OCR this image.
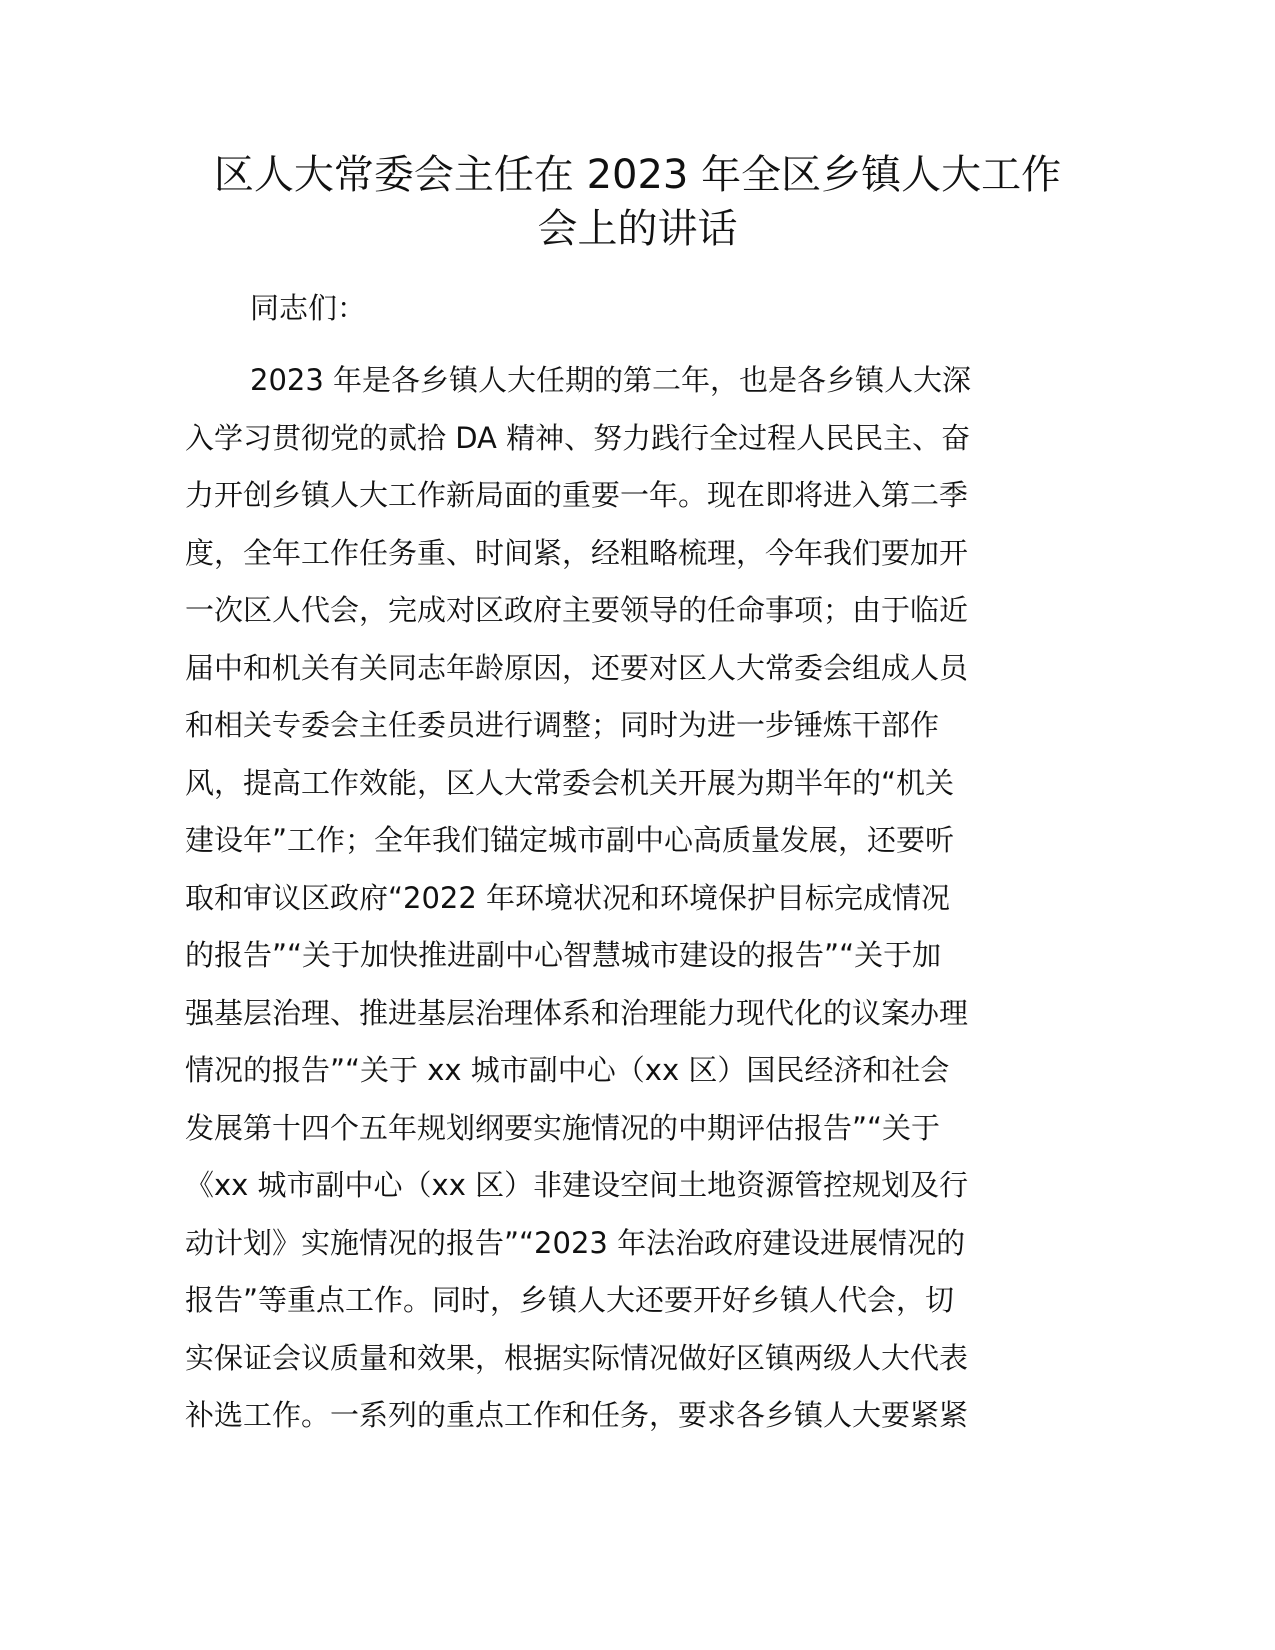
区人大常委会主任在 2023 年全区乡镇人大工作
会上的讲话
同志们：
2023 年是各乡镇人大任期的第二年，也是各乡镇人大深
入学习贯彻党的贰拾 DA 精神、努力践行全过程人民民主、奋
力开创乡镇人大工作新局面的重要一年。现在即将进入第二季
度，全年工作任务重、时间紧，经粗略梳理，今年我们要加开
一次区人代会，完成对区政府主要领导的任命事项；由于临近
届中和机关有关同志年龄原因，还要对区人大常委会组成人员
和相关专委会主任委员进行调整；同时为进一步锤炼干部作
风，提高工作效能，区人大常委会机关开展为期半年的“机关
建设年”工作；全年我们锚定城市副中心高质量发展，还要听
取和审议区政府“2022 年环境状况和环境保护目标完成情况
的报告”“关于加快推进副中心智慧城市建设的报告”“关于加
强基层治理、推进基层治理体系和治理能力现代化的议案办理
情况的报告”“关于 xx 城市副中心（xx 区）国民经济和社会
发展第十四个五年规划纲要实施情况的中期评估报告”“关于
《xx 城市副中心（xx 区）非建设空间土地资源管控规划及行
动计划》实施情况的报告”“2023 年法治政府建设进展情况的
报告”等重点工作。同时，乡镇人大还要开好乡镇人代会，切
实保证会议质量和效果，根据实际情况做好区镇两级人大代表
补选工作。一系列的重点工作和任务，要求各乡镇人大要紧紧
